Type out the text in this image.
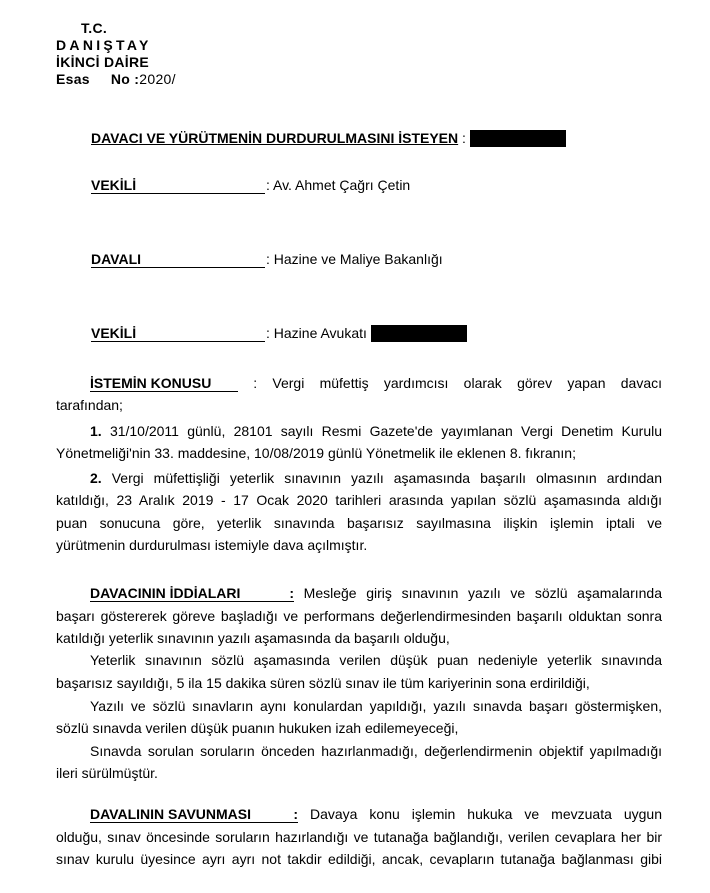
T.C.
DANIŞTAY
İKİNCİ DAİRE
Esas No :2020/
DAVACI VE YÜRÜTMENİN DURDURULMASINI İSTEYEN :
VEKİLİ	: Av. Ahmet Çağrı Çetin
DAVALI	: Hazine ve Maliye Bakanlığı
VEKİLİ	: Hazine Avukatı
İSTEMİN KONUSU	: Vergi müfettiş yardımcısı olarak görev yapan davacı
tarafından;
1. 31/10/2011 günlü, 28101 sayılı Resmi Gazete'de yayımlanan Vergi Denetim Kurulu
Yönetmeliği'nin 33. maddesine, 10/08/2019 günlü Yönetmelik ile eklenen 8. fıkranın;
2. Vergi müfettişliği yeterlik sınavının yazılı aşamasında başarılı olmasının ardından
katıldığı, 23 Aralık 2019 - 17 Ocak 2020 tarihleri arasında yapılan sözlü aşamasında aldığı
puan sonucuna göre, yeterlik sınavında başarısız sayılmasına ilişkin işlemin iptali ve
yürütmenin durdurulması istemiyle dava açılmıştır.
DAVACININ İDDİALARI	: Mesleğe giriş sınavının yazılı ve sözlü aşamalarında
başarı göstererek göreve başladığı ve performans değerlendirmesinden başarılı olduktan sonra
katıldığı yeterlik sınavının yazılı aşamasında da başarılı olduğu,
Yeterlik sınavının sözlü aşamasında verilen düşük puan nedeniyle yeterlik sınavında
başarısız sayıldığı, 5 ila 15 dakika süren sözlü sınav ile tüm kariyerinin sona erdirildiği,
Yazılı ve sözlü sınavların aynı konulardan yapıldığı, yazılı sınavda başarı göstermişken,
sözlü sınavda verilen düşük puanın hukuken izah edilemeyeceği,
Sınavda sorulan soruların önceden hazırlanmadığı, değerlendirmenin objektif yapılmadığı
ileri sürülmüştür.
DAVALININ SAVUNMASI	: Davaya konu işlemin hukuka ve mevzuata uygun
olduğu, sınav öncesinde soruların hazırlandığı ve tutanağa bağlandığı, verilen cevaplara her bir
sınav kurulu üyesince ayrı ayrı not takdir edildiği, ancak, cevapların tutanağa bağlanması gibi
